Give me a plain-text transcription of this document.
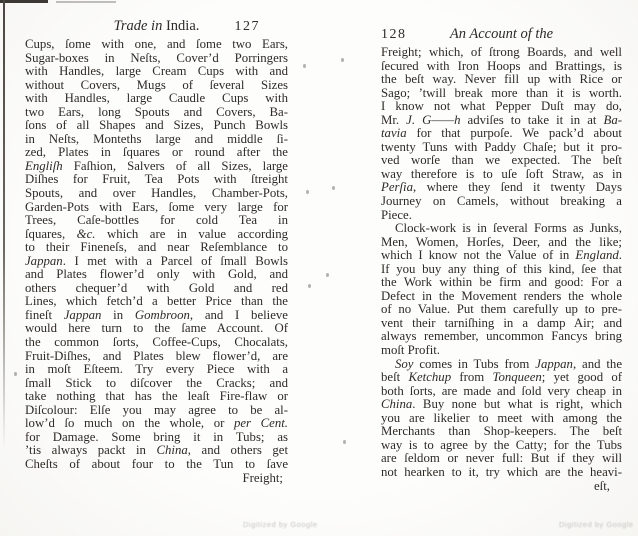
Trade in India.	127
Cups, ſome with one, and ſome two Ears,
Sugar-boxes in Neſts, Cover’d Porringers
with Handles, large Cream Cups with and
without Covers, Mugs of ſeveral Sizes
with Handles, large Caudle Cups with
two Ears, long Spouts and Covers, Ba-
ſons of all Shapes and Sizes, Punch Bowls
in Neſts, Monteths large and middle ſi-
zed, Plates in ſquares or round after the
Engliſh Faſhion, Salvers of all Sizes, large
Diſhes for Fruit, Tea Pots with ſtreight
Spouts, and over Handles, Chamber-Pots,
Garden-Pots with Ears, ſome very large for
Trees, Caſe-bottles for cold Tea in
ſquares, &c. which are in value according
to their Fineneſs, and near Reſemblance to
Jappan. I met with a Parcel of ſmall Bowls
and Plates flower’d only with Gold, and
others chequer’d with Gold and red
Lines, which fetch’d a better Price than the
fineſt Jappan in Gombroon, and I believe
would here turn to the ſame Account. Of
the common ſorts, Coffee-Cups, Chocalats,
Fruit-Diſhes, and Plates blew flower’d, are
in moſt Eſteem. Try every Piece with a
ſmall Stick to diſcover the Cracks; and
take nothing that has the leaſt Fire-flaw or
Diſcolour: Elſe you may agree to be al-
low’d ſo much on the whole, or per Cent.
for Damage. Some bring it in Tubs; as
’tis always packt in China, and others get
Cheſts of about four to the Tun to ſave
Freight;
128	An Account of the
Freight; which, of ſtrong Boards, and well
ſecured with Iron Hoops and Brattings, is
the beſt way. Never fill up with Rice or
Sago; ’twill break more than it is worth.
I know not what Pepper Duſt may do,
Mr. J. G——h adviſes to take it in at Ba-
tavia for that purpoſe. We pack’d about
twenty Tuns with Paddy Chaſe; but it pro-
ved worſe than we expected. The beſt
way therefore is to uſe ſoft Straw, as in
Perſia, where they ſend it twenty Days
Journey on Camels, without breaking a
Piece.
Clock-work is in ſeveral Forms as Junks,
Men, Women, Horſes, Deer, and the like;
which I know not the Value of in England.
If you buy any thing of this kind, ſee that
the Work within be firm and good: For a
Defect in the Movement renders the whole
of no Value. Put them carefully up to pre-
vent their tarniſhing in a damp Air; and
always remember, uncommon Fancys bring
moſt Profit.
Soy comes in Tubs from Jappan, and the
beſt Ketchup from Tonqueen; yet good of
both ſorts, are made and ſold very cheap in
China. Buy none but what is right, which
you are likelier to meet with among the
Merchants than Shop-keepers. The beſt
way is to agree by the Catty; for the Tubs
are ſeldom or never full: But if they will
not hearken to it, try which are the heavi-
eſt,
Digitized by Google	Digitized by Google
